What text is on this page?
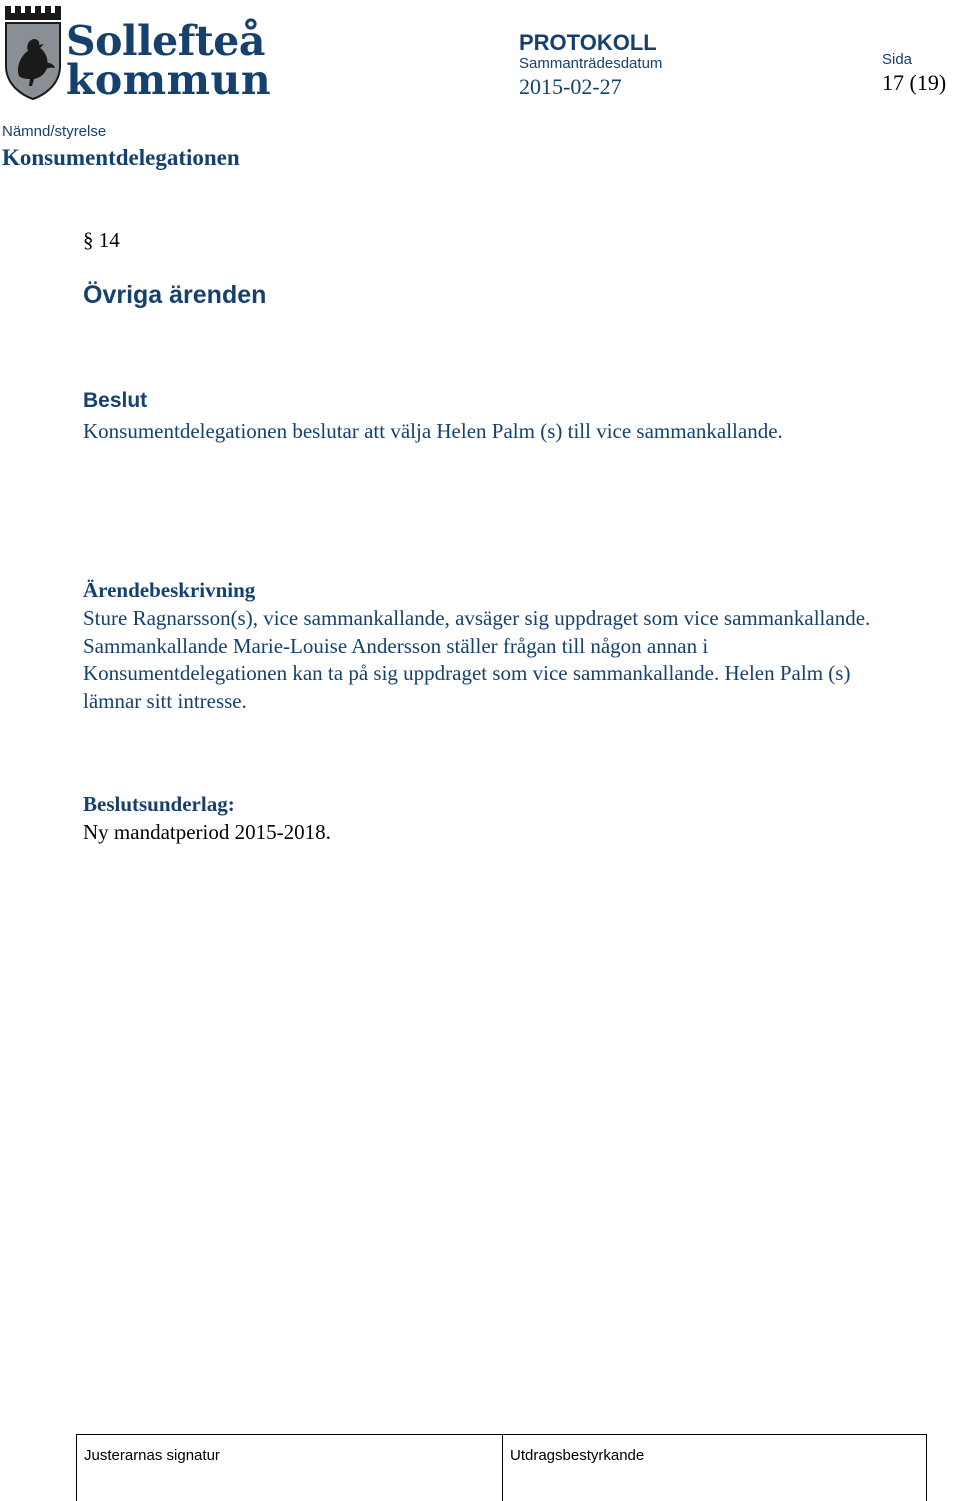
Sollefteå
kommun
PROTOKOLL
Sammanträdesdatum
2015-02-27
Sida
17 (19)
Nämnd/styrelse
Konsumentdelegationen
§ 14
Övriga ärenden
Beslut
Konsumentdelegationen beslutar att välja Helen Palm (s) till vice sammankallande.
Ärendebeskrivning
Sture Ragnarsson(s), vice sammankallande, avsäger sig uppdraget som vice sammankallande.
Sammankallande Marie-Louise Andersson ställer frågan till någon annan i
Konsumentdelegationen kan ta på sig uppdraget som vice sammankallande. Helen Palm (s)
lämnar sitt intresse.
Beslutsunderlag:
Ny mandatperiod 2015-2018.
Justerarnas signatur	Utdragsbestyrkande
